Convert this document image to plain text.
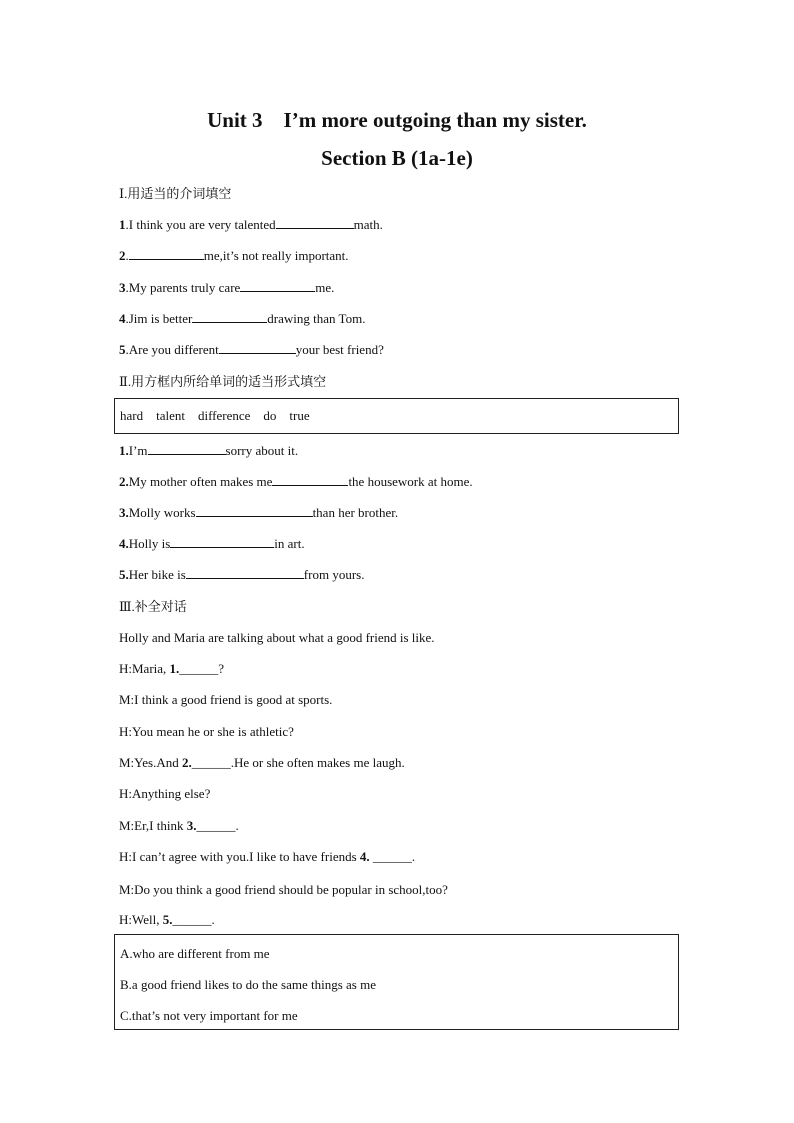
Unit 3　I’m more outgoing than my sister.
Section B (1a-1e)
Ⅰ.用适当的介词填空
1.I think you are very talented	math.
2.	me,it’s not really important.
3.My parents truly care	me.
4.Jim is better	drawing than Tom.
5.Are you different	your best friend?
Ⅱ.用方框内所给单词的适当形式填空
hard　talent　difference　do　true
1.I’m	sorry about it.
2.My mother often makes me	the housework at home.
3.Molly works	than her brother.
4.Holly is	in art.
5.Her bike is	from yours.
Ⅲ.补全对话
Holly and Maria are talking about what a good friend is like.
H:Maria, 1.______?
M:I think a good friend is good at sports.
H:You mean he or she is athletic?
M:Yes.And 2.______.He or she often makes me laugh.
H:Anything else?
M:Er,I think 3.______.
H:I can’t agree with you.I like to have friends 4. ______.
M:Do you think a good friend should be popular in school,too?
H:Well, 5.______.
A.who are different from me
B.a good friend likes to do the same things as me
C.that’s not very important for me
